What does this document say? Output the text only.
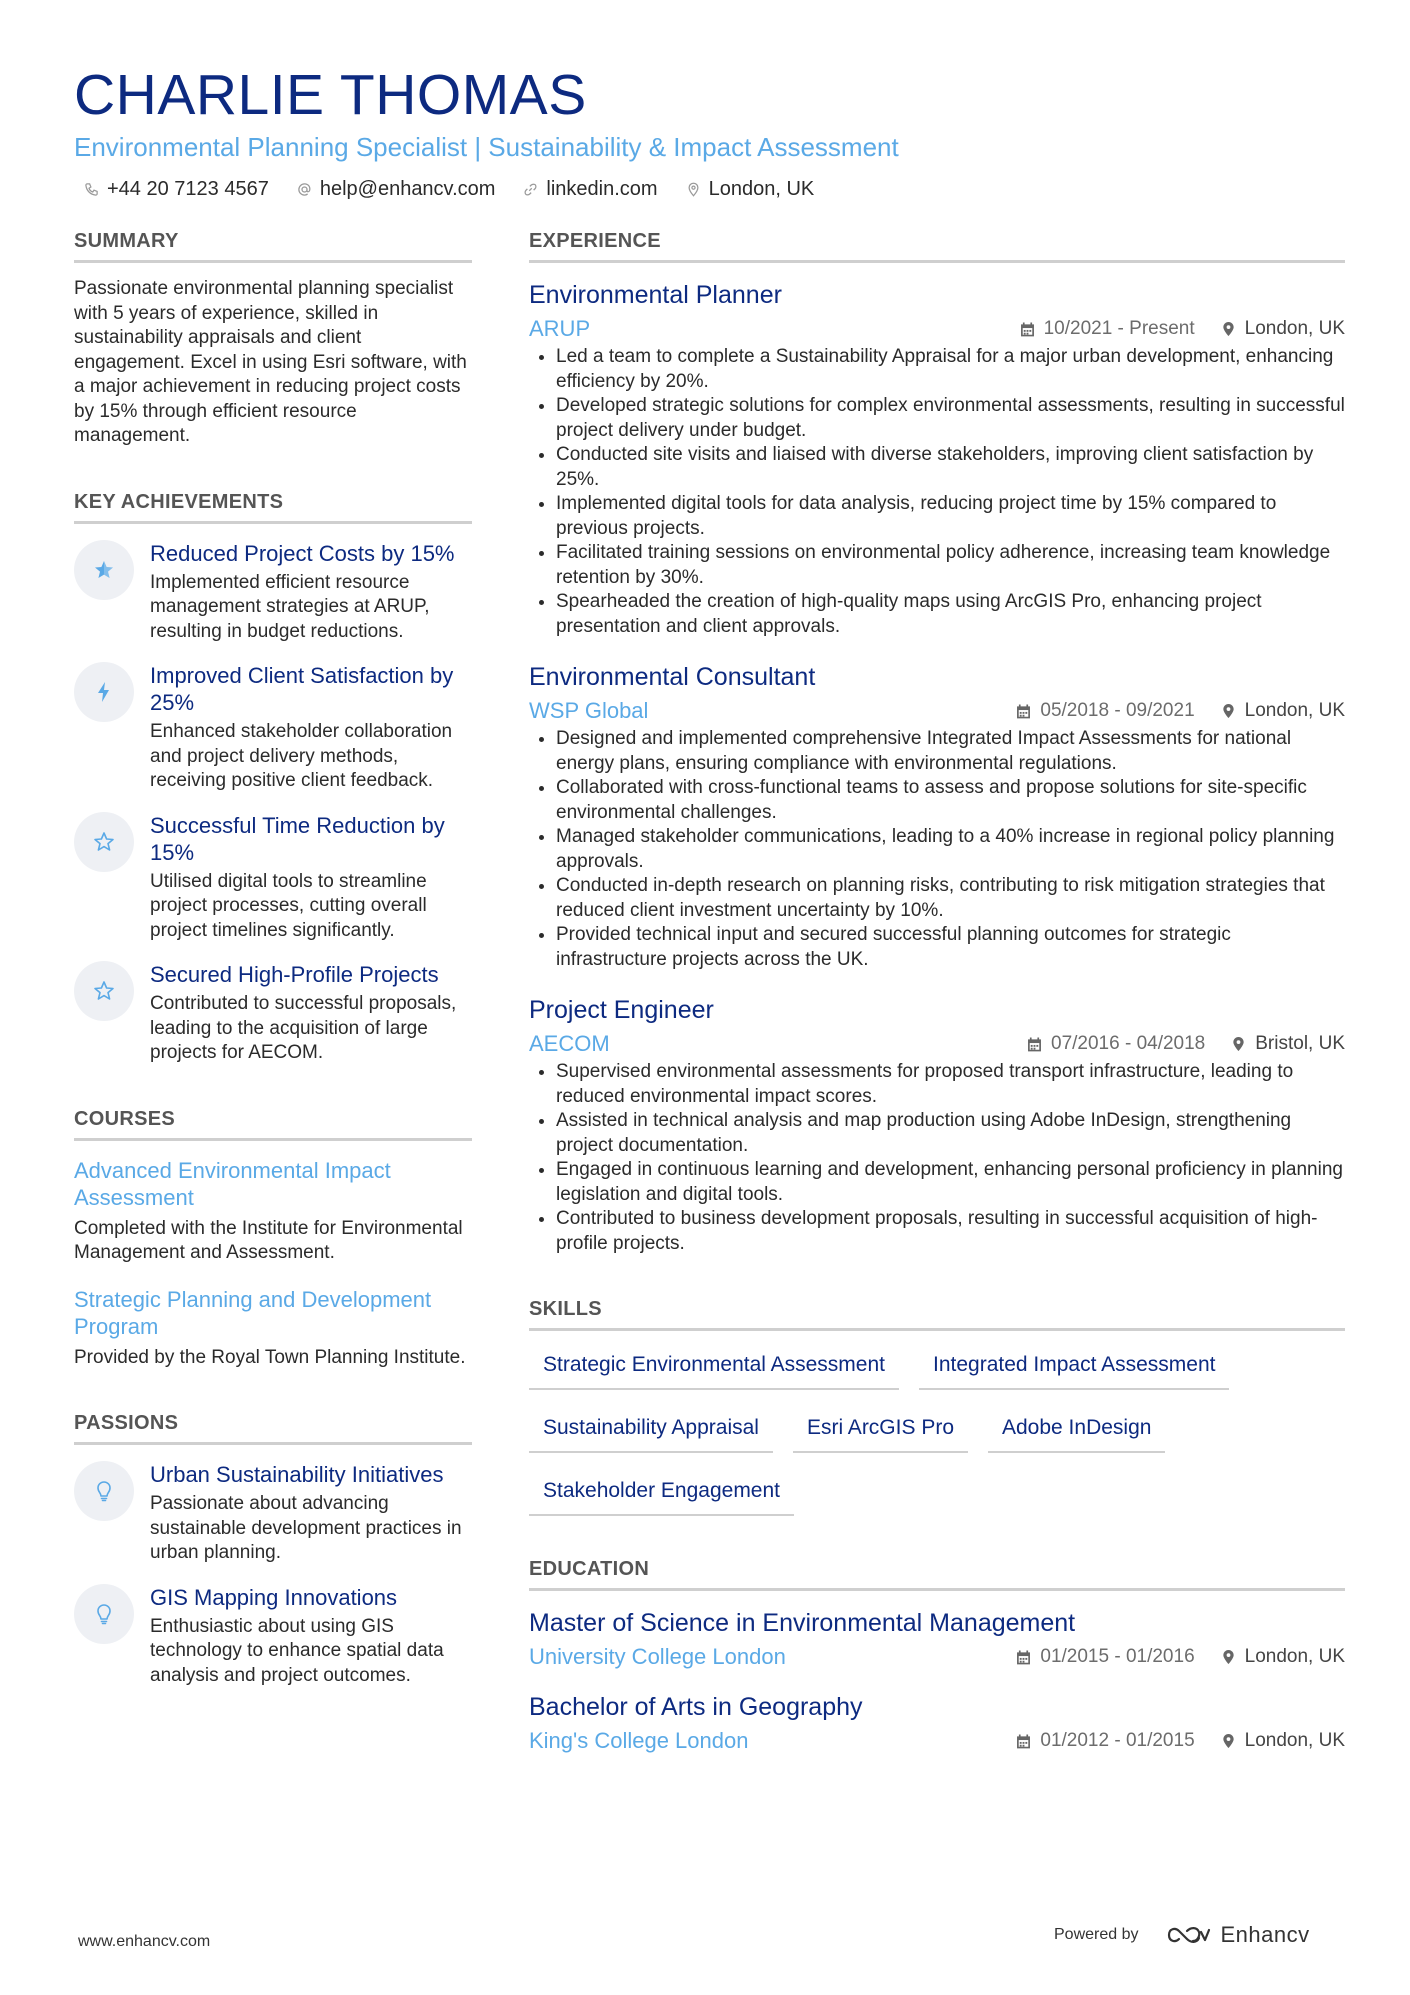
CHARLIE THOMAS
Environmental Planning Specialist | Sustainability & Impact Assessment
+44 20 7123 4567	help@enhancv.com	linkedin.com	London, UK
SUMMARY

Passionate environmental planning specialist with 5 years of experience, skilled in sustainability appraisals and client engagement. Excel in using Esri software, with a major achievement in reducing project costs by 15% through efficient resource management.

KEY ACHIEVEMENTS
Reduced Project Costs by 15%
Implemented efficient resource management strategies at ARUP, resulting in budget reductions.
Improved Client Satisfaction by 25%
Enhanced stakeholder collaboration and project delivery methods, receiving positive client feedback.
Successful Time Reduction by 15%
Utilised digital tools to streamline project processes, cutting overall project timelines significantly.
Secured High-Profile Projects
Contributed to successful proposals, leading to the acquisition of large projects for AECOM.
COURSES
Advanced Environmental Impact Assessment
Completed with the Institute for Environmental Management and Assessment.
Strategic Planning and Development Program
Provided by the Royal Town Planning Institute.
PASSIONS
Urban Sustainability Initiatives
Passionate about advancing sustainable development practices in urban planning.
GIS Mapping Innovations
Enthusiastic about using GIS technology to enhance spatial data analysis and project outcomes.
EXPERIENCE
Environmental Planner
ARUP	10/2021 - Present	London, UK
Led a team to complete a Sustainability Appraisal for a major urban development, enhancing efficiency by 20%.
Developed strategic solutions for complex environmental assessments, resulting in successful project delivery under budget.
Conducted site visits and liaised with diverse stakeholders, improving client satisfaction by 25%.
Implemented digital tools for data analysis, reducing project time by 15% compared to previous projects.
Facilitated training sessions on environmental policy adherence, increasing team knowledge retention by 30%.
Spearheaded the creation of high-quality maps using ArcGIS Pro, enhancing project presentation and client approvals.
Environmental Consultant
WSP Global	05/2018 - 09/2021	London, UK
Designed and implemented comprehensive Integrated Impact Assessments for national energy plans, ensuring compliance with environmental regulations.
Collaborated with cross-functional teams to assess and propose solutions for site-specific environmental challenges.
Managed stakeholder communications, leading to a 40% increase in regional policy planning approvals.
Conducted in-depth research on planning risks, contributing to risk mitigation strategies that reduced client investment uncertainty by 10%.
Provided technical input and secured successful planning outcomes for strategic infrastructure projects across the UK.
Project Engineer
AECOM	07/2016 - 04/2018	Bristol, UK
Supervised environmental assessments for proposed transport infrastructure, leading to reduced environmental impact scores.
Assisted in technical analysis and map production using Adobe InDesign, strengthening project documentation.
Engaged in continuous learning and development, enhancing personal proficiency in planning legislation and digital tools.
Contributed to business development proposals, resulting in successful acquisition of high-profile projects.
SKILLS
Strategic Environmental Assessment	Integrated Impact Assessment
Sustainability Appraisal	Esri ArcGIS Pro	Adobe InDesign
Stakeholder Engagement
EDUCATION
Master of Science in Environmental Management
University College London	01/2015 - 01/2016	London, UK
Bachelor of Arts in Geography
King's College London	01/2012 - 01/2015	London, UK
www.enhancv.com	Powered by	Enhancv
